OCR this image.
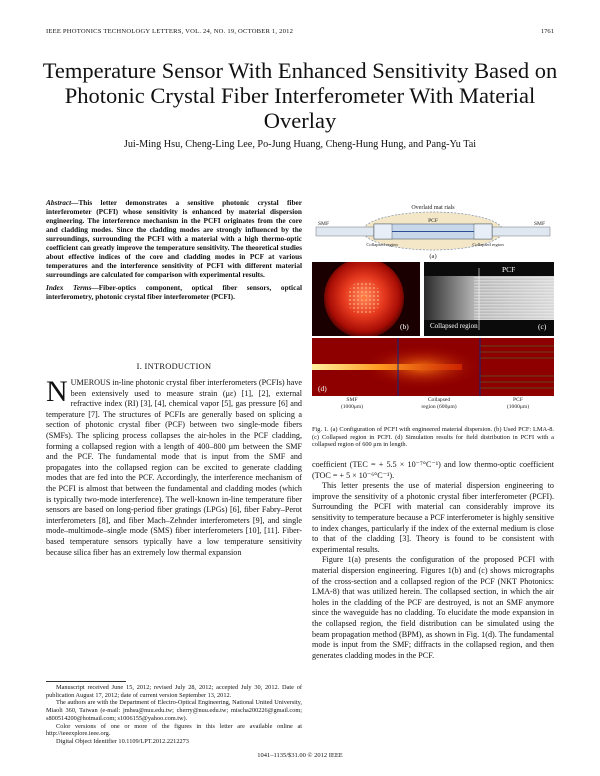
IEEE PHOTONICS TECHNOLOGY LETTERS, VOL. 24, NO. 19, OCTOBER 1, 2012	1761
Temperature Sensor With Enhanced Sensitivity Based on Photonic Crystal Fiber Interferometer With Material Overlay
Jui-Ming Hsu, Cheng-Ling Lee, Po-Jung Huang, Cheng-Hung Hung, and Pang-Yu Tai

Abstract—This letter demonstrates a sensitive photonic crystal fiber interferometer (PCFI) whose sensitivity is enhanced by material dispersion engineering. The interference mechanism in the PCFI originates from the core and cladding modes. Since the cladding modes are strongly influenced by the surroundings, surrounding the PCFI with a material with a high thermo-optic coefficient can greatly improve the temperature sensitivity. The theoretical studies about effective indices of the core and cladding modes in PCF at various temperatures and the interference sensitivity of PCFI with different material surroundings are calculated for comparison with experimental results.

Index Terms—Fiber-optics component, optical fiber sensors, optical interferometry, photonic crystal fiber interferometer (PCFI).

I. INTRODUCTION
NUMEROUS in-line photonic crystal fiber interferometers (PCFIs) have been extensively used to measure strain (με) [1], [2], external refractive index (RI) [3], [4], chemical vapor [5], gas pressure [6] and temperature [7]. The structures of PCFIs are generally based on splicing a section of photonic crystal fiber (PCF) between two single-mode fibers (SMFs). The splicing process collapses the air-holes in the PCF cladding, forming a collapsed region with a length of 400–800 μm between the SMF and the PCF. The fundamental mode that is input from the SMF and propagates into the collapsed region can be excited to generate cladding modes that are fed into the PCF. Accordingly, the interference mechanism of the PCFI is almost that between the fundamental and cladding modes (which is typically two-mode interference). The well-known in-line temperature fiber sensors are based on long-period fiber gratings (LPGs) [6], fiber Fabry–Perot interferometers [8], and fiber Mach–Zehnder interferometers [9], and single mode–multimode–single mode (SMS) fiber interferometers [10], [11]. Fiber-based temperature sensors typically have a low temperature sensitivity because silica fiber has an extremely low thermal expansion

Manuscript received June 15, 2012; revised July 28, 2012; accepted July 30, 2012. Date of publication August 17, 2012; date of current version September 13, 2012.

The authors are with the Department of Electro-Optical Engineering, National United University, Miaoli 360, Taiwan (e-mail: jmhsu@nuu.edu.tw; cherry@nuu.edu.tw; mischa200226@gmail.com; s800514200@hotmail.com; s1006155@yahoo.com.tw).

Color versions of one or more of the figures in this letter are available online at http://ieeexplore.ieee.org.

Digital Object Identifier 10.1109/LPT.2012.2212273

Overlaid mat rials
SMF	PCF	SMF
Collapsed region	Collapsed region
(a)
(b)
PCF
Collapsed region	(c)
(d)
SMF
(1000μm)
Collapsed
region (600μm)
PCF
(1000μm)
Fig. 1. (a) Configuration of PCFI with engineered material dispersion. (b) Used PCF: LMA-8. (c) Collapsed region in PCFI. (d) Simulation results for field distribution in PCFI with a collapsed region of 600 μm in length.

coefficient (TEC = + 5.5 × 10⁻⁷°C⁻¹) and low thermo-optic coefficient (TOC = + 5 × 10⁻⁶°C⁻¹).

This letter presents the use of material dispersion engineering to improve the sensitivity of a photonic crystal fiber interferometer (PCFI). Surrounding the PCFI with material can considerably improve its sensitivity to temperature because a PCF interferometer is highly sensitive to index changes, particularly if the index of the external medium is close to that of the cladding [3]. Theory is found to be consistent with experimental results.

Figure 1(a) presents the configuration of the proposed PCFI with material dispersion engineering. Figures 1(b) and (c) shows micrographs of the cross-section and a collapsed region of the PCF (NKT Photonics: LMA-8) that was utilized herein. The collapsed section, in which the air holes in the cladding of the PCF are destroyed, is not an SMF anymore since the waveguide has no cladding. To elucidate the mode expansion in the collapsed region, the field distribution can be simulated using the beam propagation method (BPM), as shown in Fig. 1(d). The fundamental mode is input from the SMF; diffracts in the collapsed region, and then generates cladding modes in the PCF.

1041–1135/$31.00 © 2012 IEEE
